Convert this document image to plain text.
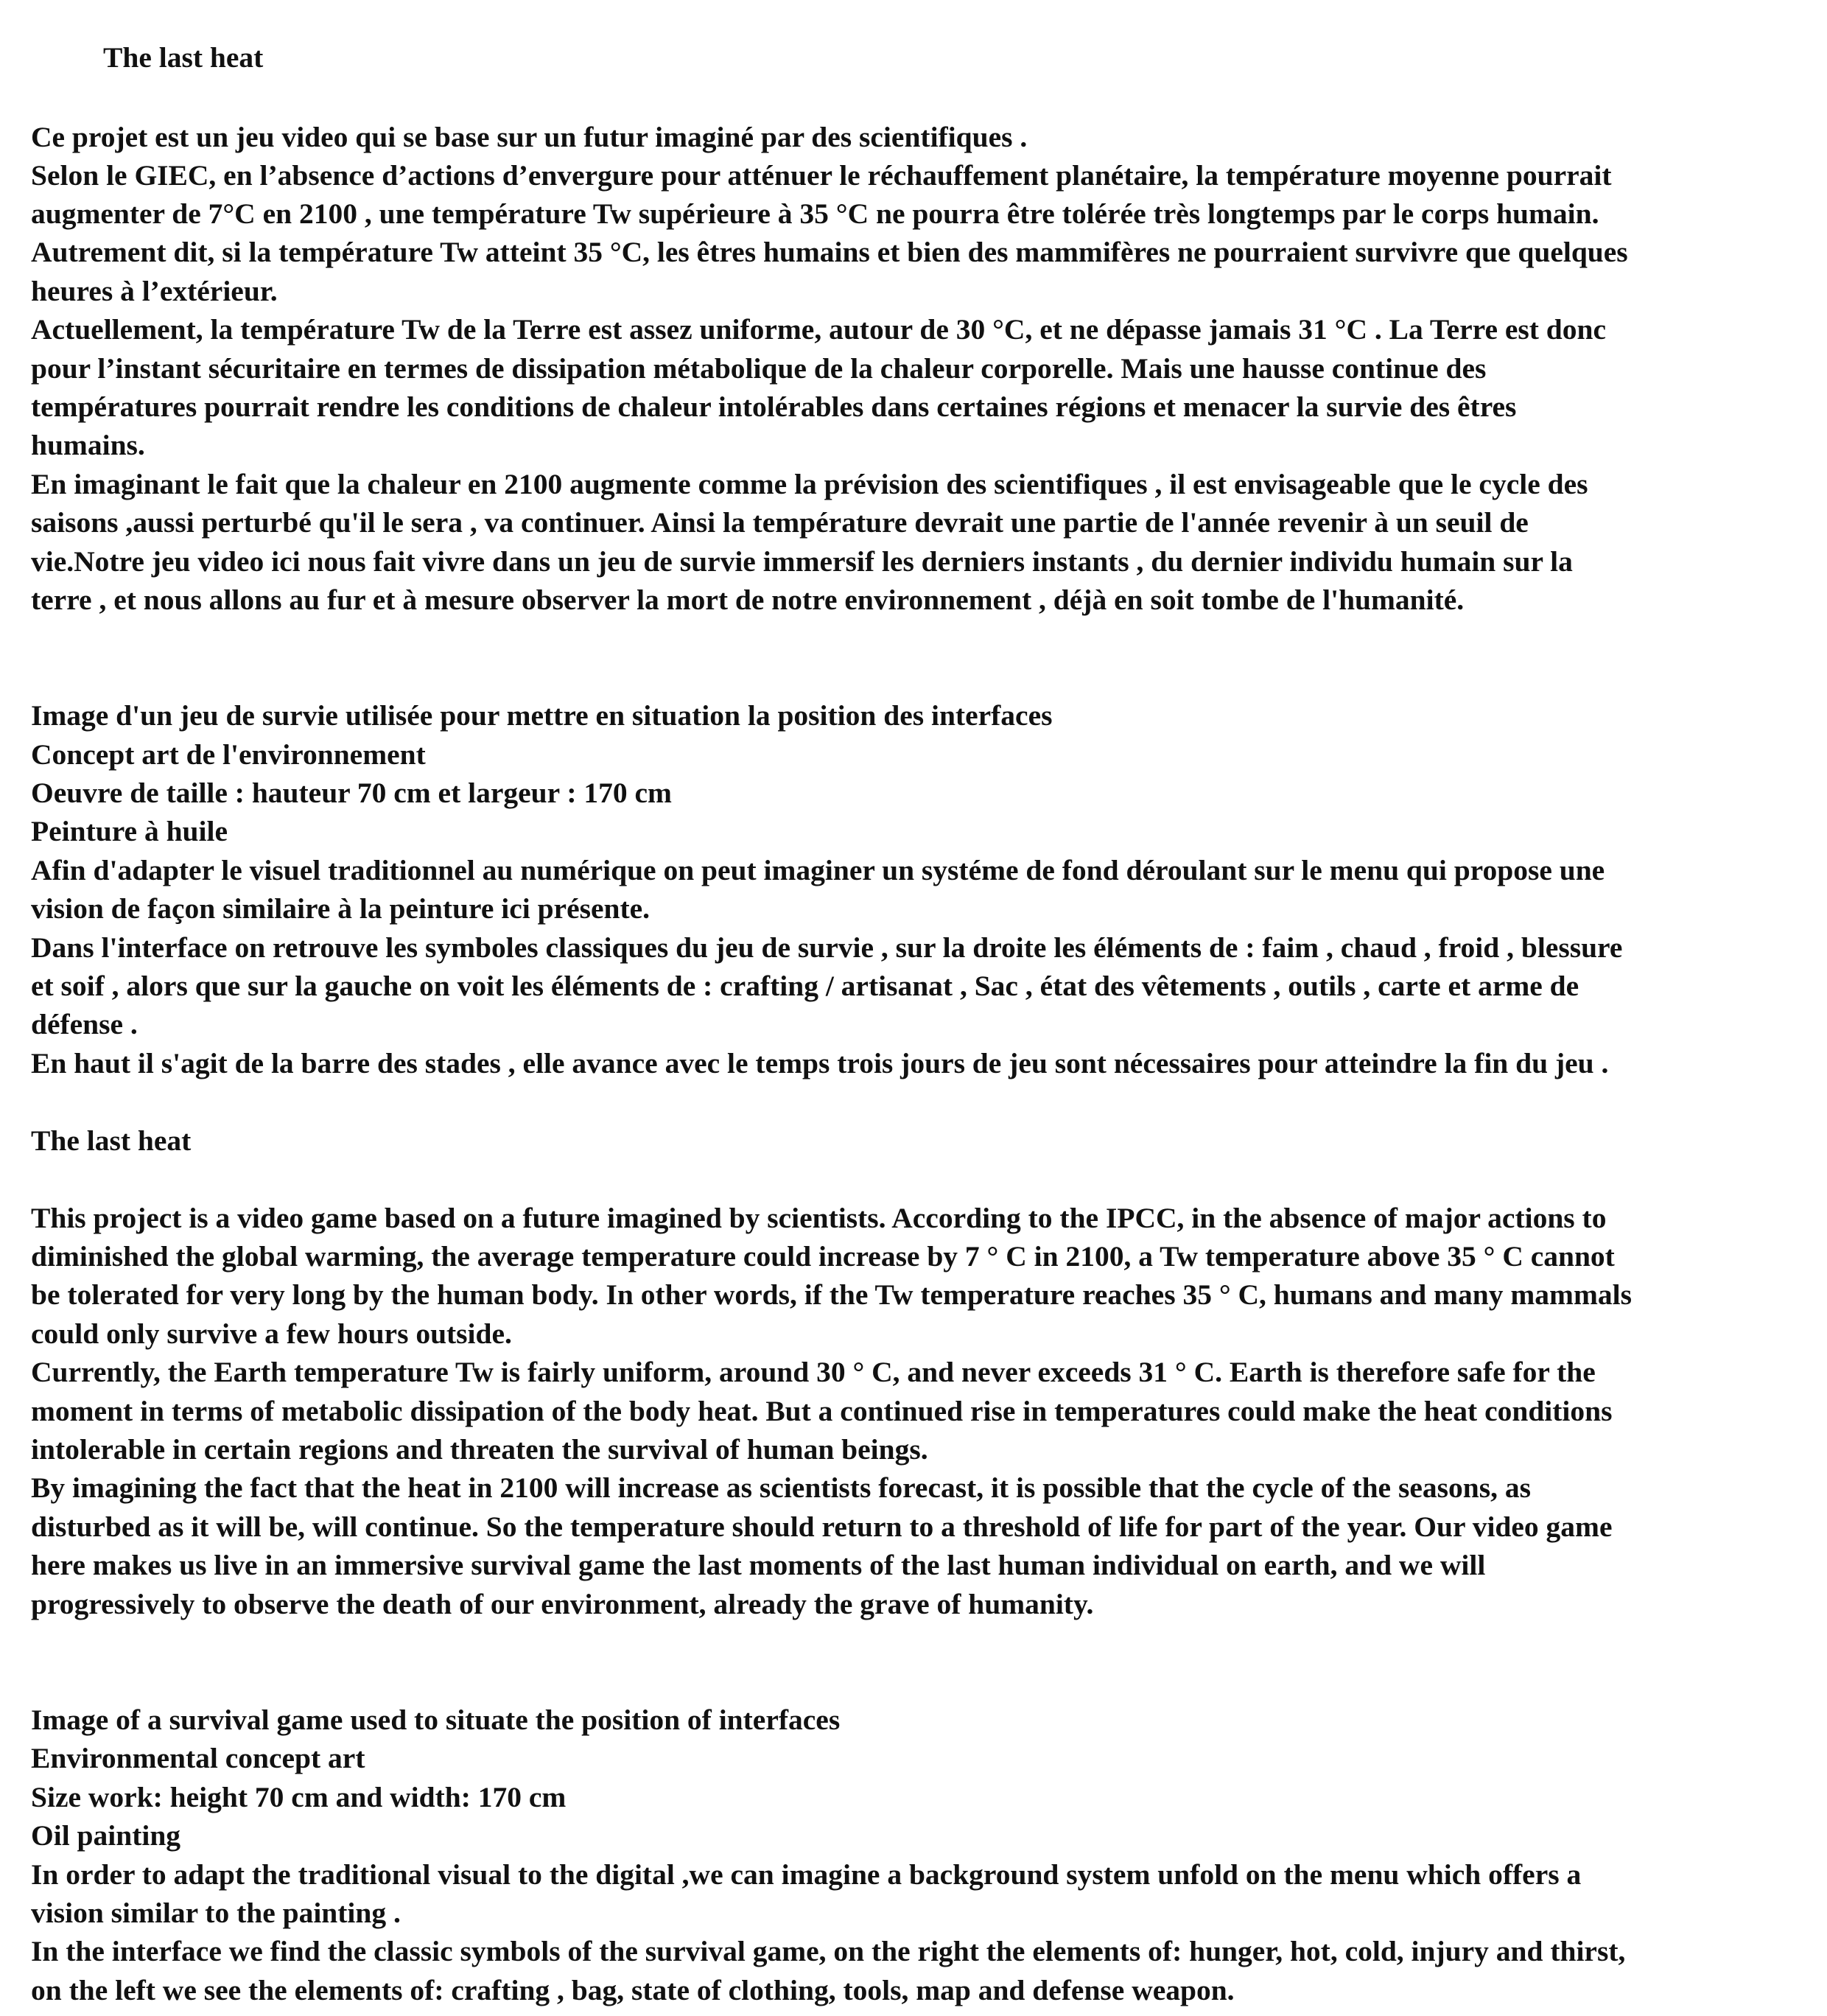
The last heat
Ce projet est un jeu video qui se base sur un futur imaginé par des scientifiques .
Selon le GIEC, en l’absence d’actions d’envergure pour atténuer le réchauffement planétaire, la température moyenne pourrait
augmenter de 7°C en 2100 , une température Tw supérieure à 35 °C ne pourra être tolérée très longtemps par le corps humain.
Autrement dit, si la température Tw atteint 35 °C, les êtres humains et bien des mammifères ne pourraient survivre que quelques
heures à l’extérieur.
Actuellement, la température Tw de la Terre est assez uniforme, autour de 30 °C, et ne dépasse jamais 31 °C . La Terre est donc
pour l’instant sécuritaire en termes de dissipation métabolique de la chaleur corporelle. Mais une hausse continue des
températures pourrait rendre les conditions de chaleur intolérables dans certaines régions et menacer la survie des êtres
humains.
En imaginant le fait que la chaleur en 2100 augmente comme la prévision des scientifiques , il est envisageable que le cycle des
saisons ,aussi perturbé qu'il le sera , va continuer. Ainsi la température devrait une partie de l'année revenir à un seuil de
vie.Notre jeu video ici nous fait vivre dans un jeu de survie immersif les derniers instants , du dernier individu humain sur la
terre , et nous allons au fur et à mesure observer la mort de notre environnement , déjà en soit tombe de l'humanité.
Image d'un jeu de survie utilisée pour mettre en situation la position des interfaces
Concept art de l'environnement
Oeuvre de taille : hauteur 70 cm et largeur : 170 cm
Peinture à huile
Afin d'adapter le visuel traditionnel au numérique on peut imaginer un systéme de fond déroulant sur le menu qui propose une
vision de façon similaire à la peinture ici présente.
Dans l'interface on retrouve les symboles classiques du jeu de survie , sur la droite les éléments de : faim , chaud , froid , blessure
et soif , alors que sur la gauche on voit les éléments de : crafting / artisanat , Sac , état des vêtements , outils , carte et arme de
défense .
En haut il s'agit de la barre des stades , elle avance avec le temps trois jours de jeu sont nécessaires pour atteindre la fin du jeu .
The last heat
This project is a video game based on a future imagined by scientists. According to the IPCC, in the absence of major actions to
diminished the global warming, the average temperature could increase by 7 ° C in 2100, a Tw temperature above 35 ° C cannot
be tolerated for very long by the human body. In other words, if the Tw temperature reaches 35 ° C, humans and many mammals
could only survive a few hours outside.
Currently, the Earth temperature Tw is fairly uniform, around 30 ° C, and never exceeds 31 ° C. Earth is therefore safe for the
moment in terms of metabolic dissipation of the body heat. But a continued rise in temperatures could make the heat conditions
intolerable in certain regions and threaten the survival of human beings.
By imagining the fact that the heat in 2100 will increase as scientists forecast, it is possible that the cycle of the seasons, as
disturbed as it will be, will continue. So the temperature should return to a threshold of life for part of the year. Our video game
here makes us live in an immersive survival game the last moments of the last human individual on earth, and we will
progressively to observe the death of our environment, already the grave of humanity.
Image of a survival game used to situate the position of interfaces
Environmental concept art
Size work: height 70 cm and width: 170 cm
Oil painting
In order to adapt the traditional visual to the digital ,we can imagine a background system unfold on the menu which offers a
vision similar to the painting .
In the interface we find the classic symbols of the survival game, on the right the elements of: hunger, hot, cold, injury and thirst,
on the left we see the elements of: crafting , bag, state of clothing, tools, map and defense weapon.
